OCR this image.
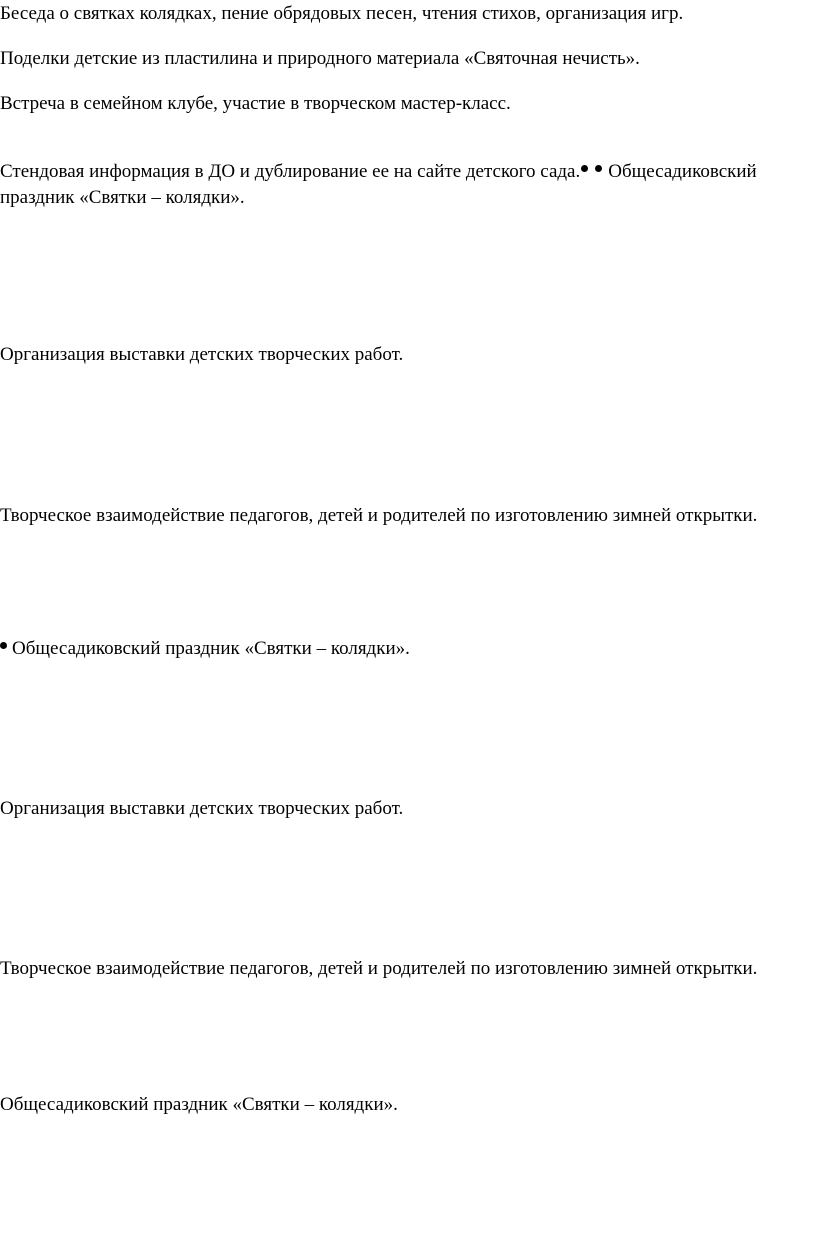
Беседа о святках колядках, пение обрядовых песен, чтения стихов, организация игр.

Поделки детские из пластилина и природного материала «Святочная нечисть».

Встреча в семейном клубе, участие в творческом мастер-класс.

Стендовая информация в ДО и дублирование ее на сайте детского сада. Общесадиковский праздник «Святки – колядки».

Организация выставки детских творческих работ.

Творческое взаимодействие педагогов, детей и родителей по изготовлению зимней открытки.

Общесадиковский праздник «Святки – колядки».

Организация выставки детских творческих работ.

Творческое взаимодействие педагогов, детей и родителей по изготовлению зимней открытки.

Общесадиковский праздник «Святки – колядки».
